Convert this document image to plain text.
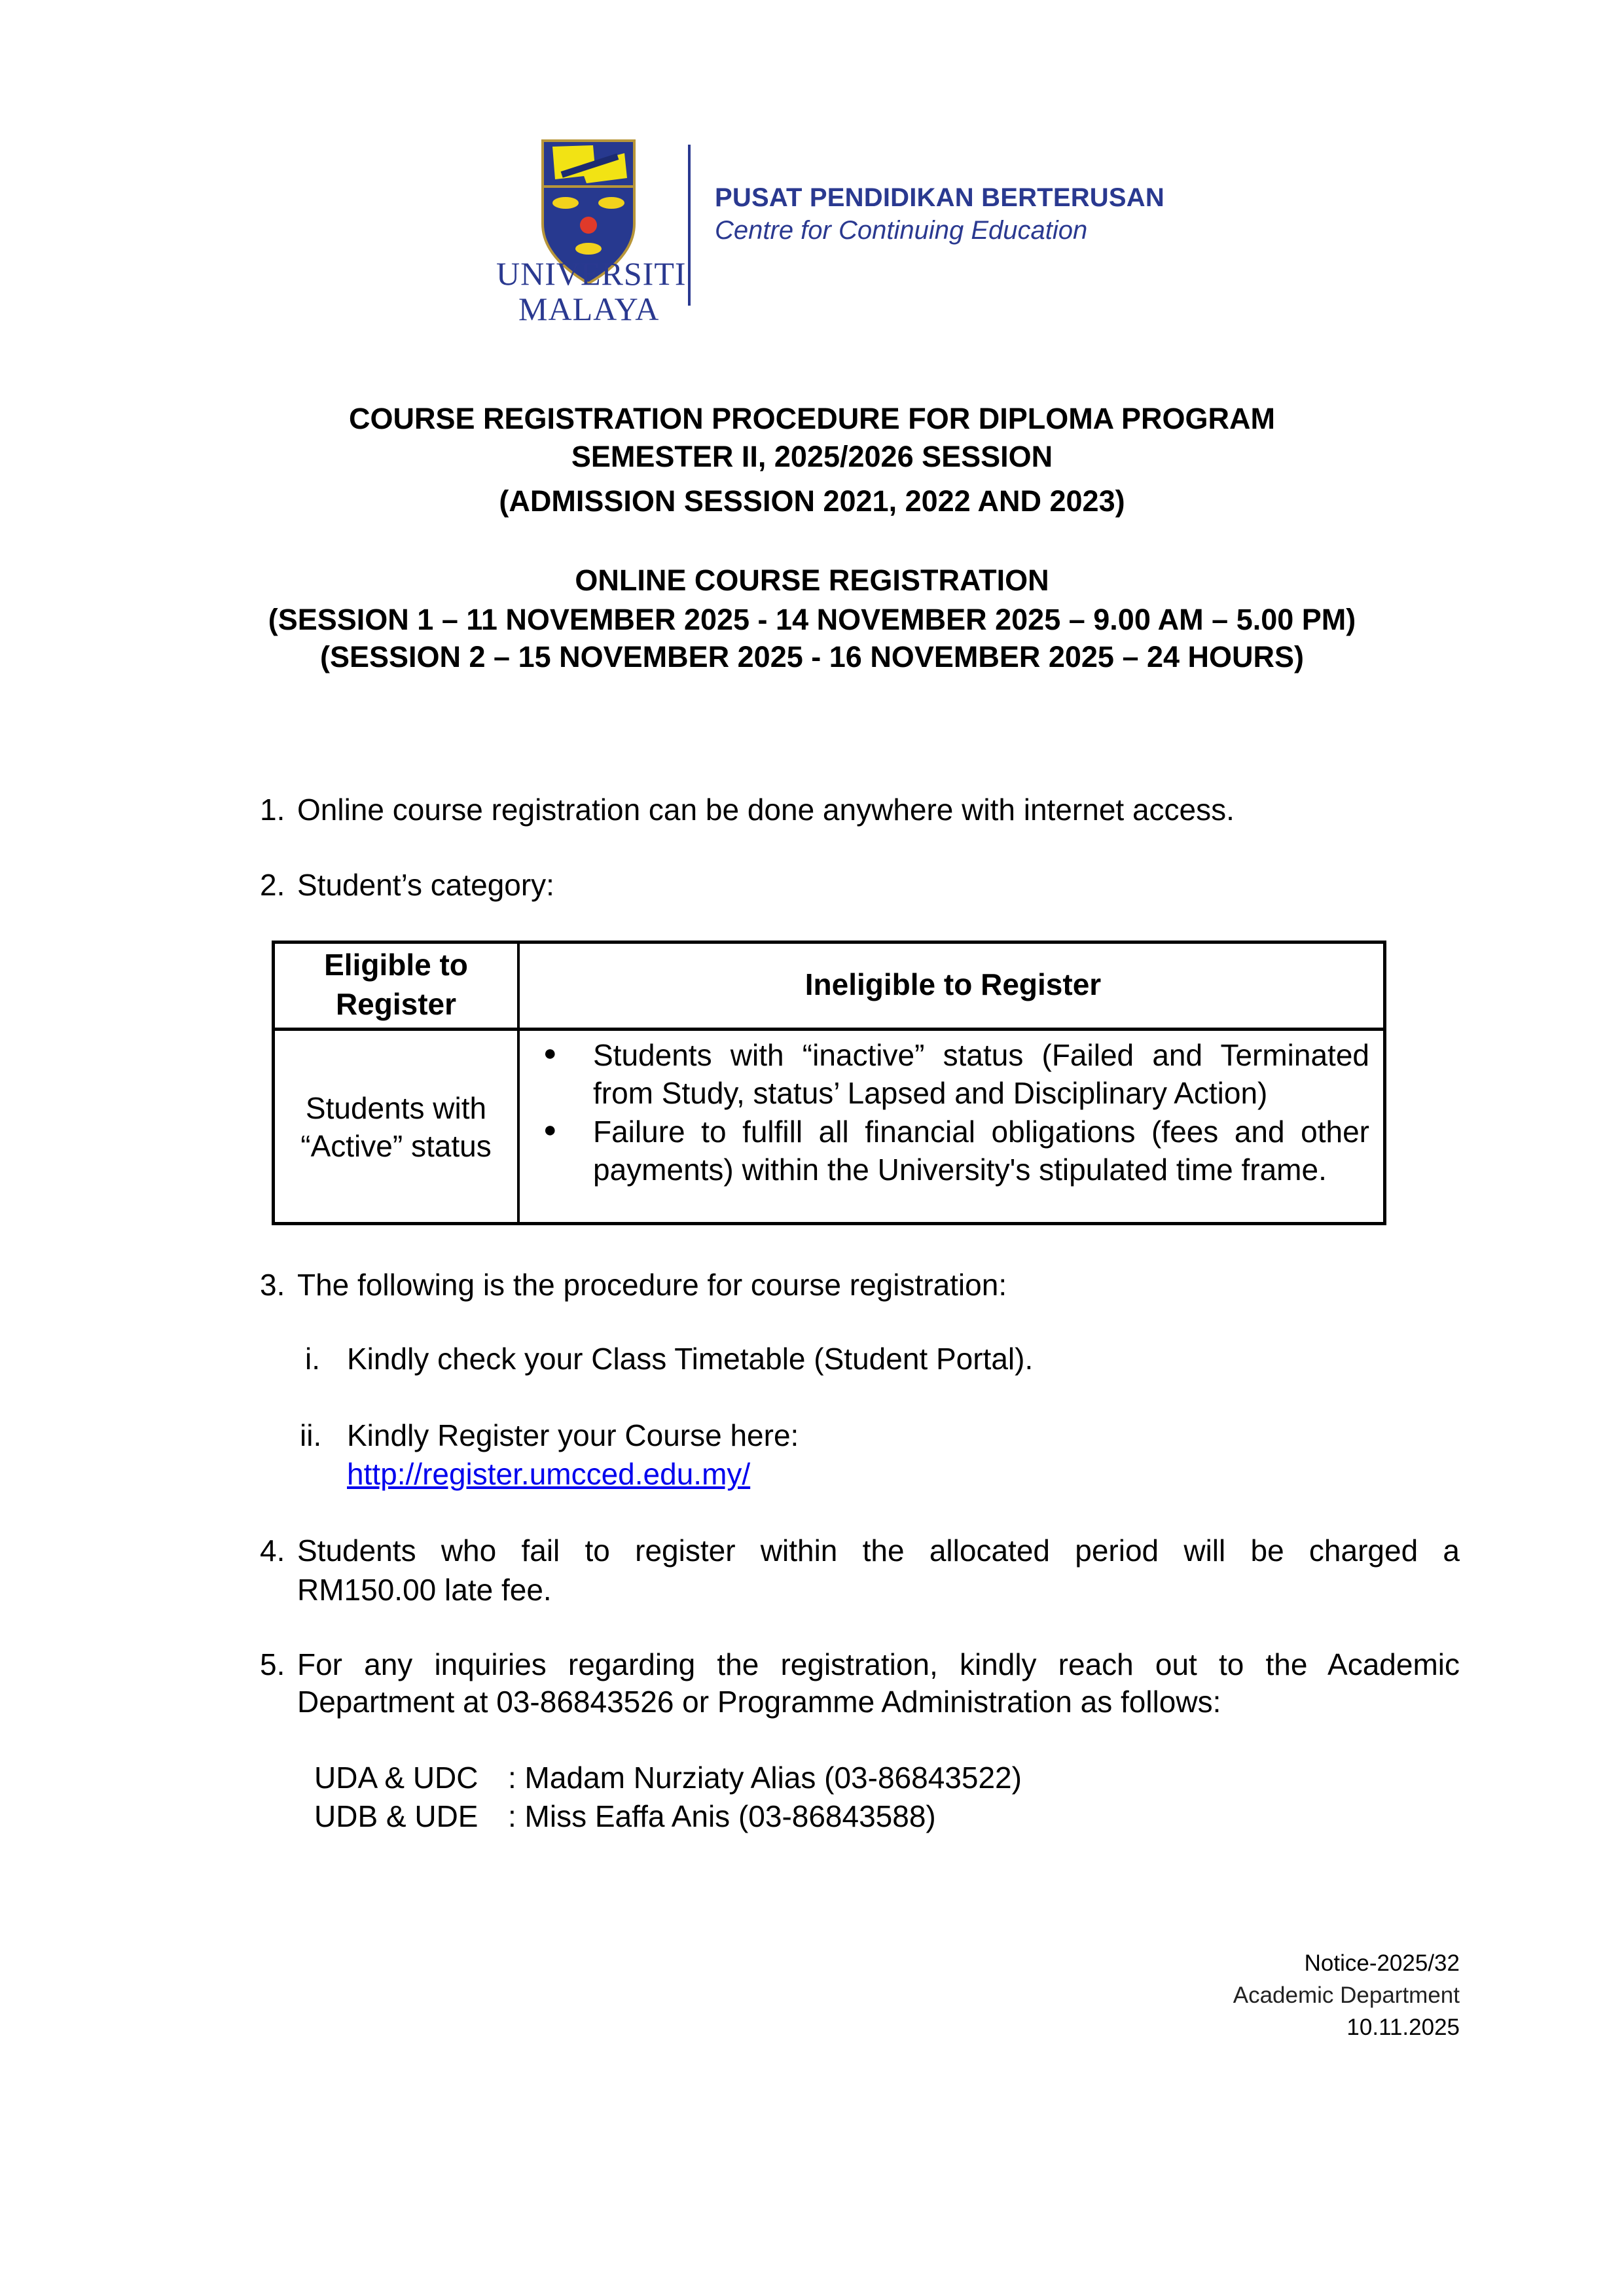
UNIVERSITI
MALAYA
PUSAT PENDIDIKAN BERTERUSAN
Centre for Continuing Education
COURSE REGISTRATION PROCEDURE FOR DIPLOMA PROGRAM
SEMESTER II, 2025/2026 SESSION
(ADMISSION SESSION 2021, 2022 AND 2023)
ONLINE COURSE REGISTRATION
(SESSION 1 – 11 NOVEMBER 2025 - 14 NOVEMBER 2025 – 9.00 AM – 5.00 PM)
(SESSION 2 – 15 NOVEMBER 2025 - 16 NOVEMBER 2025 – 24 HOURS)
1. Online course registration can be done anywhere with internet access.
2. Student’s category:
Eligible to
Register
Ineligible to Register
Students with
“Active” status
● Students with “inactive” status (Failed and Terminated from Study, status’ Lapsed and Disciplinary Action)
● Failure to fulfill all financial obligations (fees and other payments) within the University's stipulated time frame.
3. The following is the procedure for course registration:
i. Kindly check your Class Timetable (Student Portal).
ii. Kindly Register your Course here:
http://register.umcced.edu.my/
4. Students who fail to register within the allocated period will be charged a
RM150.00 late fee.
5. For any inquiries regarding the registration, kindly reach out to the Academic
Department at 03-86843526 or Programme Administration as follows:
UDA & UDC : Madam Nurziaty Alias (03-86843522)
UDB & UDE : Miss Eaffa Anis (03-86843588)
Notice-2025/32
Academic Department
10.11.2025
